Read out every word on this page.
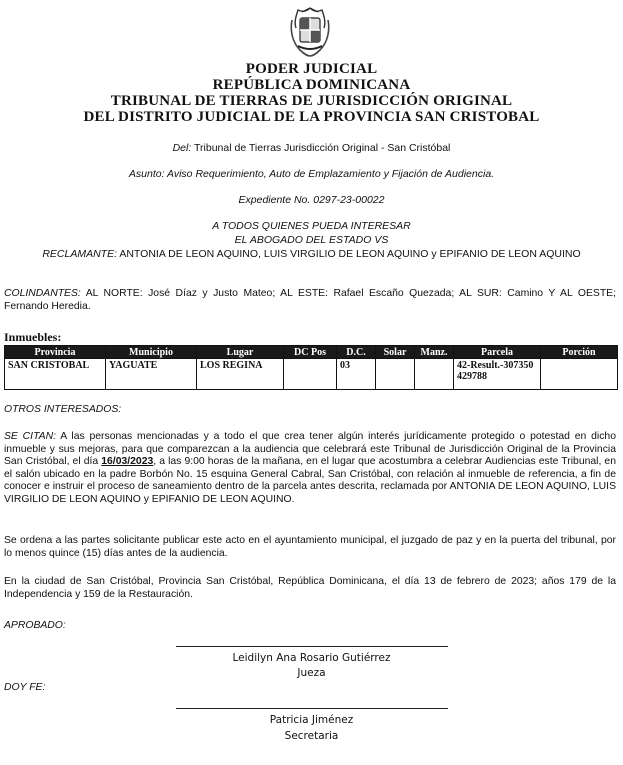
PODER JUDICIAL
REPÚBLICA DOMINICANA
TRIBUNAL DE TIERRAS DE JURISDICCIÓN ORIGINAL
DEL DISTRITO JUDICIAL DE LA PROVINCIA SAN CRISTOBAL
Del: Tribunal de Tierras Jurisdicción Original - San Cristóbal
Asunto: Aviso Requerimiento, Auto de Emplazamiento y Fijación de Audiencia.
Expediente No. 0297-23-00022
A TODOS QUIENES PUEDA INTERESAR
EL ABOGADO DEL ESTADO VS
RECLAMANTE: ANTONIA DE LEON AQUINO, LUIS VIRGILIO DE LEON AQUINO y EPIFANIO DE LEON AQUINO
COLINDANTES: AL NORTE: José Díaz y Justo Mateo; AL ESTE: Rafael Escaño Quezada; AL SUR: Camino Y AL OESTE; Fernando Heredia.
Inmuebles:
Provincia	Municipio	Lugar	DC Pos	D.C.	Solar	Manz.	Parcela	Porción
SAN CRISTOBAL	YAGUATE	LOS REGINA		03			42-Result.-307350429788	
OTROS INTERESADOS:
SE CITAN: A las personas mencionadas y a todo el que crea tener algún interés jurídicamente protegido o potestad en dicho inmueble y sus mejoras, para que comparezcan a la audiencia que celebrará este Tribunal de Jurisdicción Original de la Provincia San Cristóbal, el día 16/03/2023, a las 9:00 horas de la mañana, en el lugar que acostumbra a celebrar Audiencias este Tribunal, en el salón ubicado en la padre Borbón No. 15 esquina General Cabral, San Cristóbal, con relación al inmueble de referencia, a fin de conocer e instruir el proceso de saneamiento dentro de la parcela antes descrita, reclamada por ANTONIA DE LEON AQUINO, LUIS VIRGILIO DE LEON AQUINO y EPIFANIO DE LEON AQUINO.
Se ordena a las partes solicitante publicar este acto en el ayuntamiento municipal, el juzgado de paz y en la puerta del tribunal, por lo menos quince (15) días antes de la audiencia.
En la ciudad de San Cristóbal, Provincia San Cristóbal, República Dominicana, el día 13 de febrero de 2023; años 179 de la Independencia y 159 de la Restauración.
APROBADO:
Leidilyn Ana Rosario Gutiérrez
Jueza
DOY FE:
Patricia Jiménez
Secretaria
